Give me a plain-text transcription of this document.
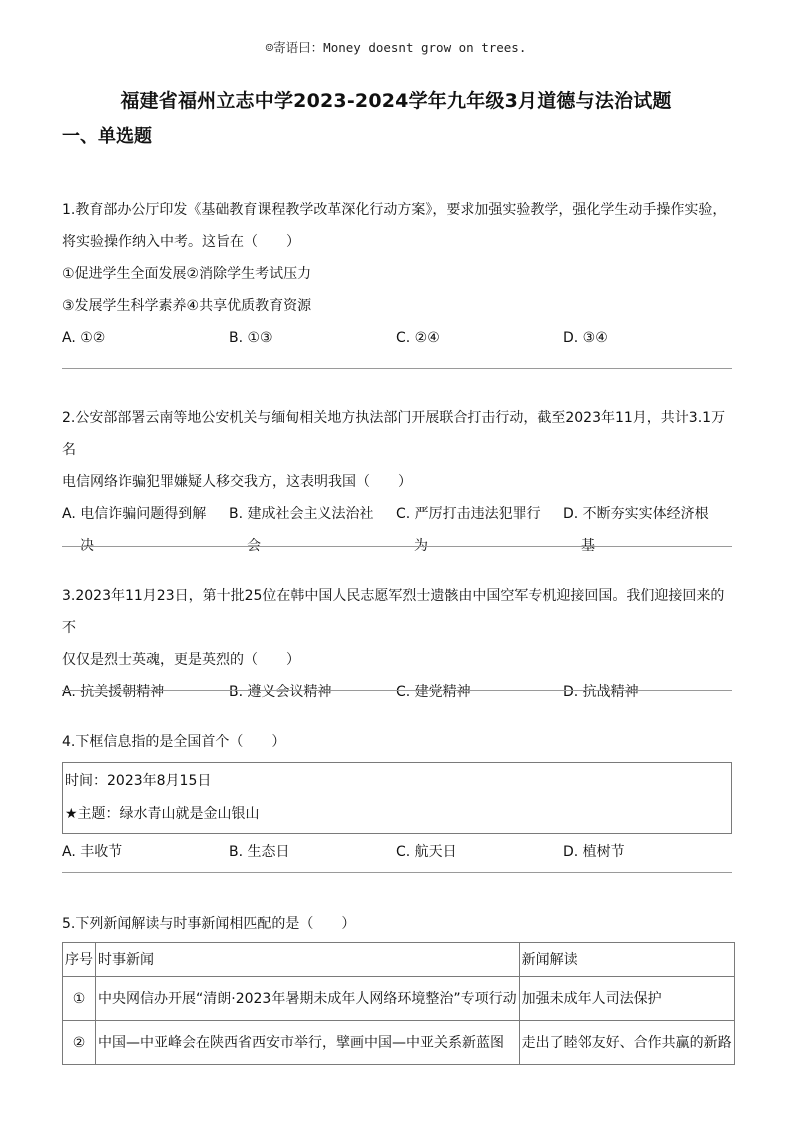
☺寄语曰：Money doesnt grow on trees.
福建省福州立志中学2023-2024学年九年级3月道德与法治试题
一、单选题

1.教育部办公厅印发《基础教育课程教学改革深化行动方案》，要求加强实验教学，强化学生动手操作实验，

将实验操作纳入中考。这旨在（　　）

①促进学生全面发展②消除学生考试压力

③发展学生科学素养④共享优质教育资源

A. ①②	B. ①③	C. ②④	D. ③④

2.公安部部署云南等地公安机关与缅甸相关地方执法部门开展联合打击行动，截至2023年11月，共计3.1万名

电信网络诈骗犯罪嫌疑人移交我方，这表明我国（　　）

A. 电信诈骗问题得到解
决
B. 建成社会主义法治社
会
C. 严厉打击违法犯罪行
为
D. 不断夯实实体经济根
基

3.2023年11月23日，第十批25位在韩中国人民志愿军烈士遗骸由中国空军专机迎接回国。我们迎接回来的不

仅仅是烈士英魂，更是英烈的（　　）

A. 抗美援朝精神	B. 遵义会议精神	C. 建党精神	D. 抗战精神

4.下框信息指的是全国首个（　　）

时间：2023年8月15日

★主题：绿水青山就是金山银山

A. 丰收节	B. 生态日	C. 航天日	D. 植树节

5.下列新闻解读与时事新闻相匹配的是（　　）

序号	时事新闻	新闻解读
①	中央网信办开展“清朗·2023年暑期未成年人网络环境整治”专项行动	加强未成年人司法保护
②	中国—中亚峰会在陕西省西安市举行，擘画中国—中亚关系新蓝图	走出了睦邻友好、合作共赢的新路
